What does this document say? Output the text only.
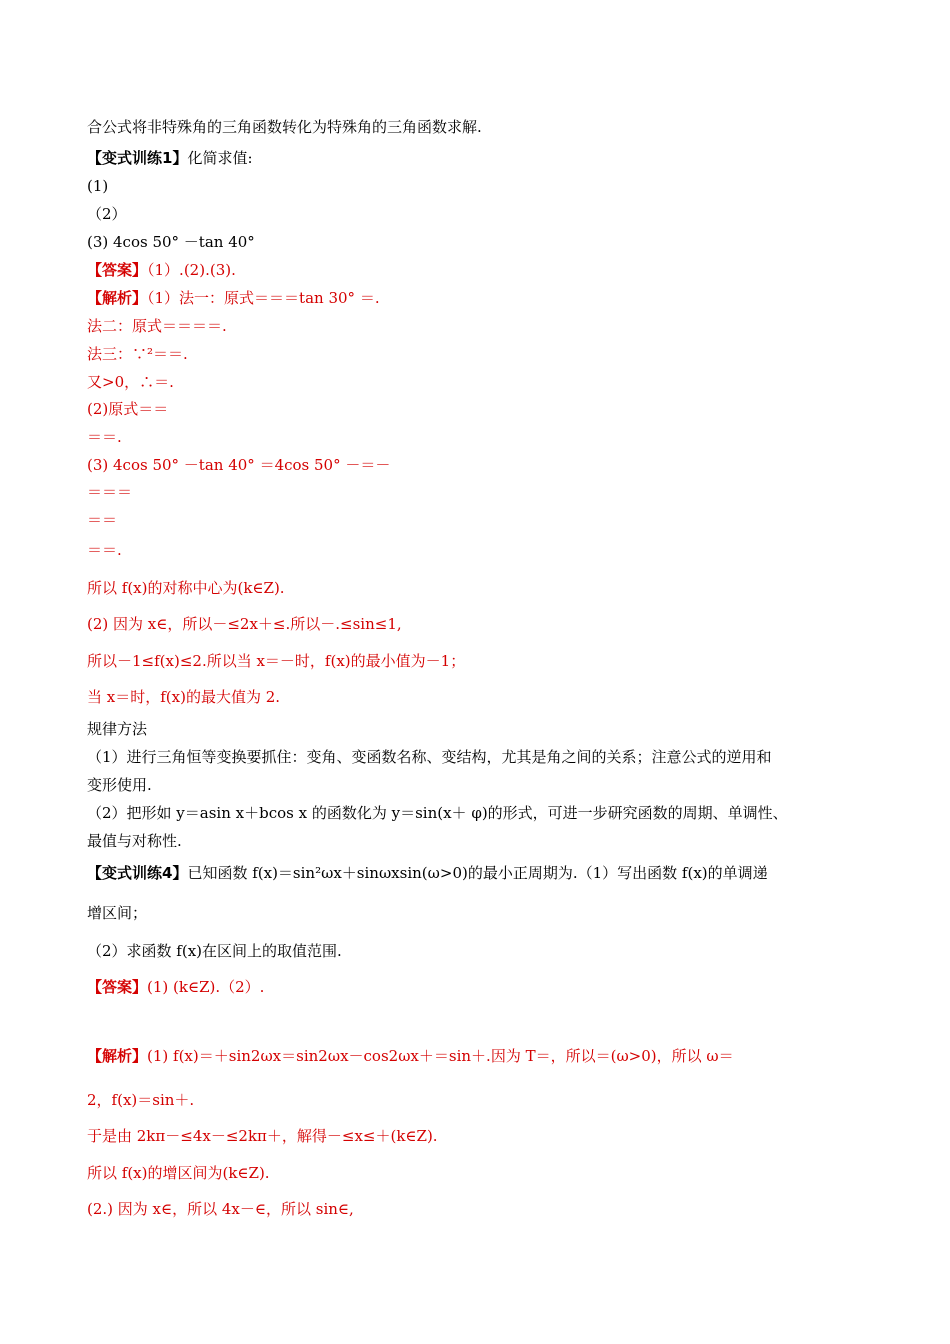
合公式将非特殊角的三角函数转化为特殊角的三角函数求解.
【变式训练1】化简求值:
(1)
（2）
(3) 4cos 50° －tan 40°
【答案】（1）.(2).(3).
【解析】（1）法一：原式＝＝＝tan 30° ＝.
法二：原式＝＝＝＝.
法三：∵²＝＝.
又>0，∴＝.
(2)原式＝＝
＝＝.
(3) 4cos 50° －tan 40° ＝4cos 50° －＝－
＝＝＝
＝＝
＝＝.
所以 f(x)的对称中心为(k∈Z).
(2) 因为 x∈，所以－≤2x＋≤.所以－.≤sin≤1,
所以－1≤f(x)≤2.所以当 x＝－时，f(x)的最小值为－1；
当 x＝时，f(x)的最大值为 2.
规律方法
（1）进行三角恒等变换要抓住：变角、变函数名称、变结构，尤其是角之间的关系；注意公式的逆用和
变形使用.
（2）把形如 y＝asin x＋bcos x 的函数化为 y＝sin(x＋ φ)的形式，可进一步研究函数的周期、单调性、
最值与对称性.
【变式训练4】已知函数 f(x)＝sin²ωx＋sinωxsin(ω>0)的最小正周期为.（1）写出函数 f(x)的单调递
增区间；
（2）求函数 f(x)在区间上的取值范围.
【答案】(1) (k∈Z).（2）.
【解析】(1) f(x)＝＋sin2ωx＝sin2ωx－cos2ωx＋＝sin＋.因为 T＝，所以＝(ω>0)，所以 ω＝
2，f(x)＝sin＋.
于是由 2kπ－≤4x－≤2kπ＋，解得－≤x≤＋(k∈Z).
所以 f(x)的增区间为(k∈Z).
(2.) 因为 x∈，所以 4x－∈，所以 sin∈,
